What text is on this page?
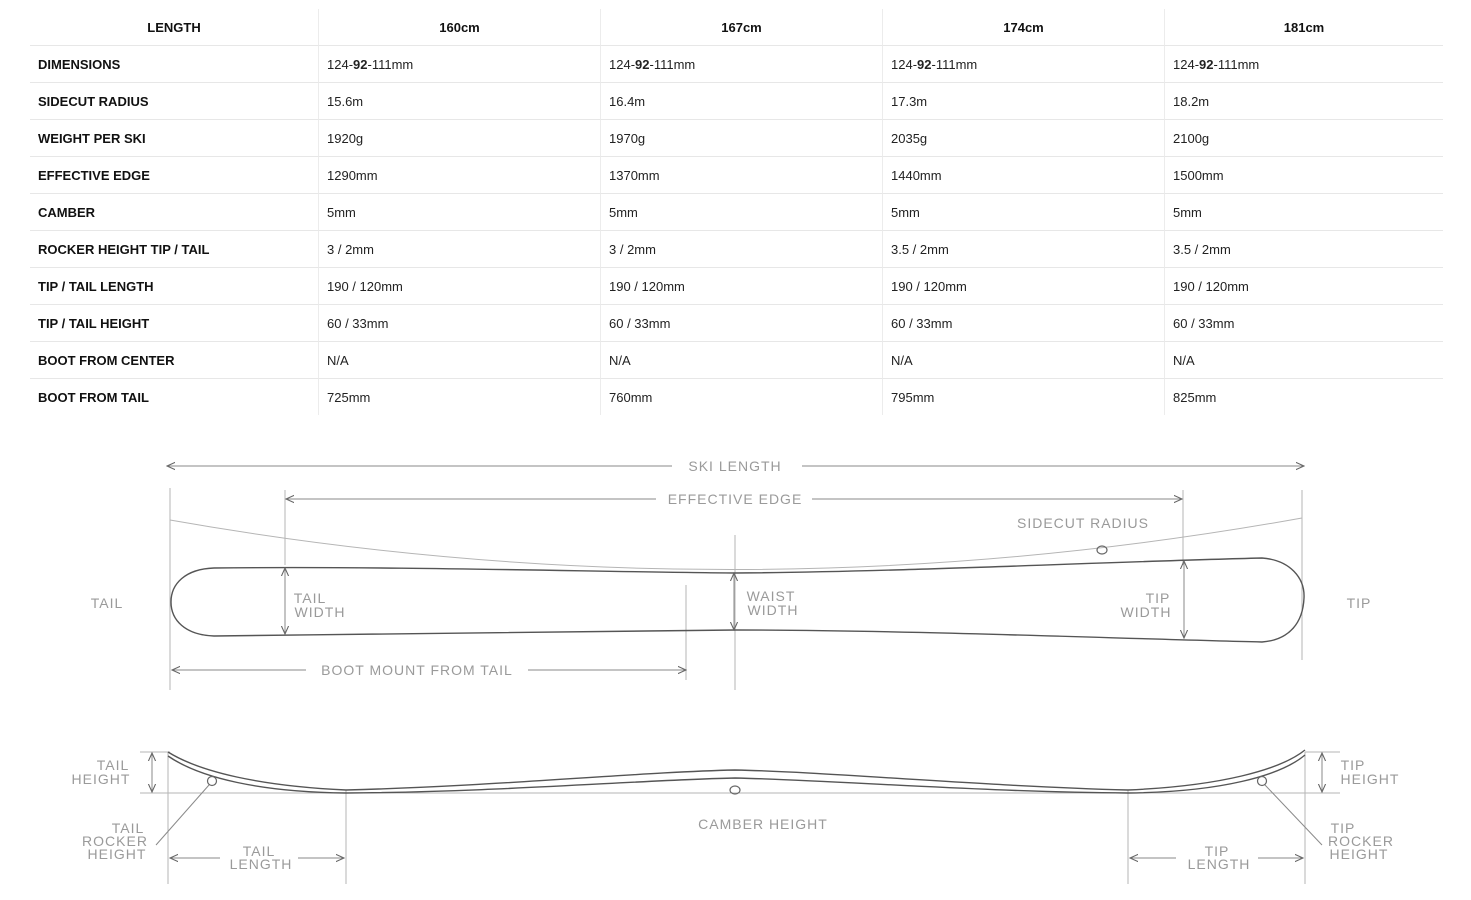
LENGTH	160cm	167cm	174cm	181cm
DIMENSIONS	124-92-111mm	124-92-111mm	124-92-111mm	124-92-111mm
SIDECUT RADIUS	15.6m	16.4m	17.3m	18.2m
WEIGHT PER SKI	1920g	1970g	2035g	2100g
EFFECTIVE EDGE	1290mm	1370mm	1440mm	1500mm
CAMBER	5mm	5mm	5mm	5mm
ROCKER HEIGHT TIP / TAIL	3 / 2mm	3 / 2mm	3.5 / 2mm	3.5 / 2mm
TIP / TAIL LENGTH	190 / 120mm	190 / 120mm	190 / 120mm	190 / 120mm
TIP / TAIL HEIGHT	60 / 33mm	60 / 33mm	60 / 33mm	60 / 33mm
BOOT FROM CENTER	N/A	N/A	N/A	N/A
BOOT FROM TAIL	725mm	760mm	795mm	825mm
SKI LENGTH
EFFECTIVE EDGE
SIDECUT RADIUS
TAIL
WIDTH
WAIST
WIDTH
TIP
WIDTH
TAIL	TIP
BOOT MOUNT FROM TAIL
TAIL
HEIGHT
TIP
HEIGHT
TAIL
ROCKER
HEIGHT
TIP
ROCKER
HEIGHT
CAMBER HEIGHT
TAIL
LENGTH
TIP
LENGTH
